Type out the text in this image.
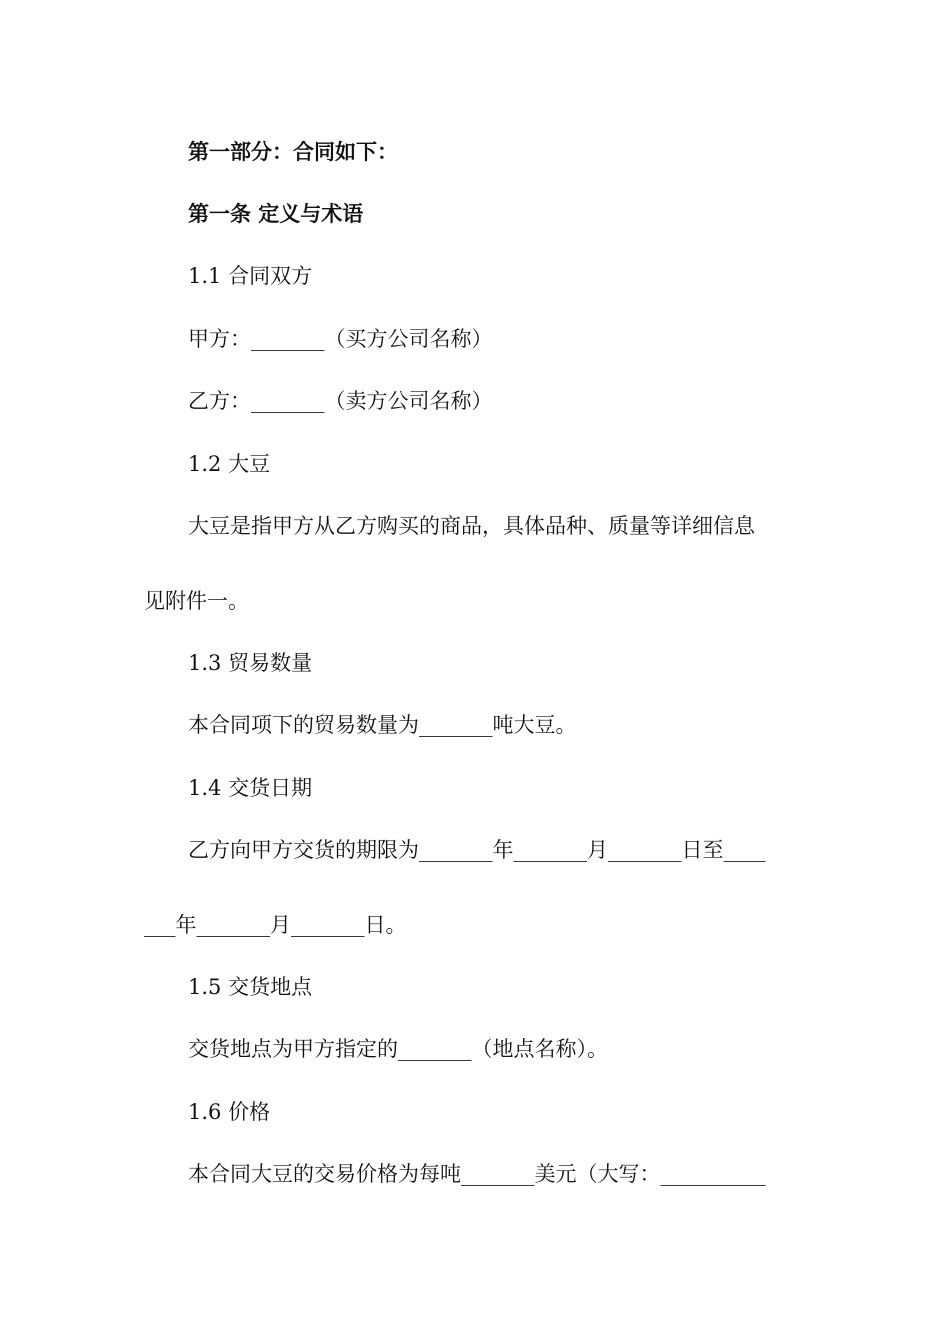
第一部分：合同如下：
第一条 定义与术语
1.1 合同双方
甲方：_______（买方公司名称）
乙方：_______（卖方公司名称）
1.2 大豆
大豆是指甲方从乙方购买的商品，具体品种、质量等详细信息
见附件一。
1.3 贸易数量
本合同项下的贸易数量为_______吨大豆。
1.4 交货日期
乙方向甲方交货的期限为_______年_______月_______日至____
___年_______月_______日。
1.5 交货地点
交货地点为甲方指定的_______（地点名称）。
1.6 价格
本合同大豆的交易价格为每吨_______美元（大写：__________
